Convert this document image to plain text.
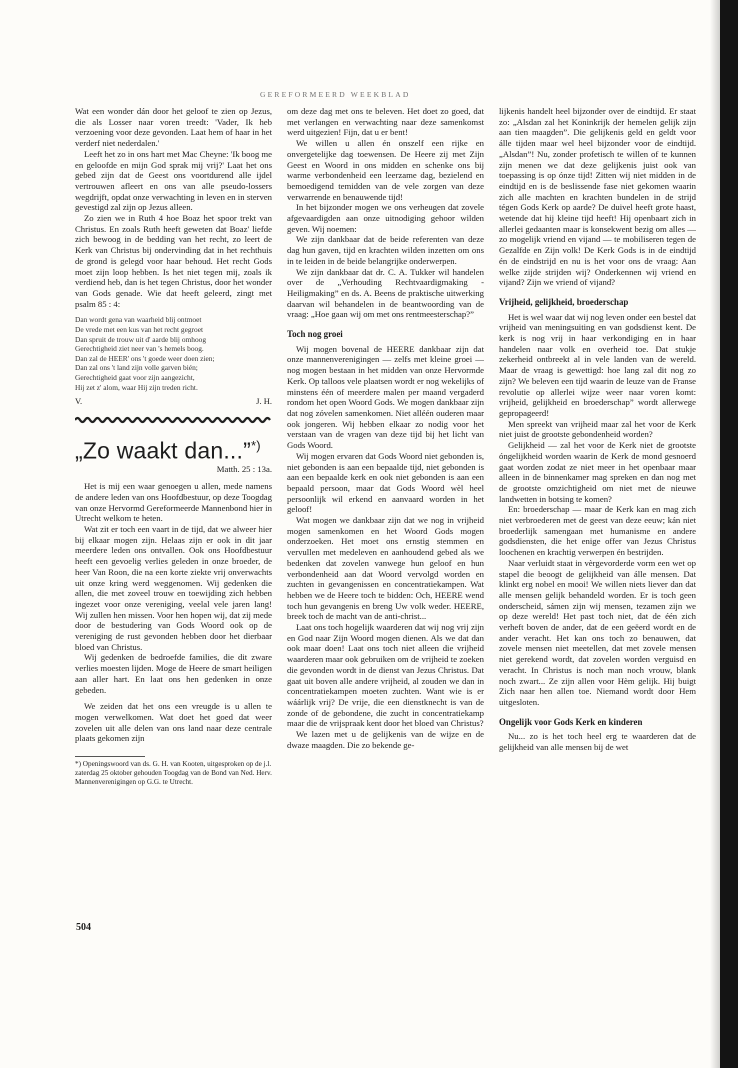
GEREFORMEERD WEEKBLAD

Wat een wonder dán door het geloof te zien op Jezus, die als Losser naar voren treedt: 'Vader, Ik heb verzoening voor deze gevonden. Laat hem of haar in het verderf niet nederdalen.'

Leeft het zo in ons hart met Mac Cheyne: 'Ik boog me en geloofde en mijn God sprak mij vrij?' Laat het ons gebed zijn dat de Geest ons voortdurend alle ijdel vertrouwen afleert en ons van alle pseudo-lossers wegdrijft, opdat onze verwachting in leven en in sterven gevestigd zal zijn op Jezus alleen.

Zo zien we in Ruth 4 hoe Boaz het spoor trekt van Christus. En zoals Ruth heeft geweten dat Boaz' liefde zich bewoog in de bedding van het recht, zo leert de Kerk van Christus bij ondervinding dat in het rechthuis de grond is gelegd voor haar behoud. Het recht Gods moet zijn loop hebben. Is het niet tegen mij, zoals ik verdiend heb, dan is het tegen Christus, door het wonder van Gods genade. Wie dat heeft geleerd, zingt met psalm 85 : 4:

Dan wordt gena van waarheid blij ontmoet
De vrede met een kus van het recht gegroet
Dan spruit de trouw uit d' aarde blij omhoog
Gerechtigheid ziet neer van 's hemels boog.
Dan zal de HEER' ons 't goede weer doen zien;
Dan zal ons 't land zijn volle garven bién;
Gerechtigheid gaat voor zijn aangezicht,
Hij zet z' alom, waar Hij zijn treden richt.
V.	J. H.
„Zo waakt dan...”*)
Matth. 25 : 13a.

Het is mij een waar genoegen u allen, mede namens de andere leden van ons Hoofdbestuur, op deze Toogdag van onze Hervormd Gereformeerde Mannenbond hier in Utrecht welkom te heten.

Wat zit er toch een vaart in de tijd, dat we alweer hier bij elkaar mogen zijn. Helaas zijn er ook in dit jaar meerdere leden ons ontvallen. Ook ons Hoofdbestuur heeft een gevoelig verlies geleden in onze broeder, de heer Van Roon, die na een korte ziekte vrij onverwachts uit onze kring werd weggenomen. Wij gedenken die allen, die met zoveel trouw en toewijding zich hebben ingezet voor onze vereniging, veelal vele jaren lang! Wij zullen hen missen. Voor hen hopen wij, dat zij mede door de bestudering van Gods Woord ook op de vereniging de rust gevonden hebben door het dierbaar bloed van Christus.

Wij gedenken de bedroefde families, die dit zware verlies moesten lijden. Moge de Heere de smart heiligen aan aller hart. En laat ons hen gedenken in onze gebeden.

We zeiden dat het ons een vreugde is u allen te mogen verwelkomen. Wat doet het goed dat weer zovelen uit alle delen van ons land naar deze centrale plaats gekomen zijn

*) Openingswoord van ds. G. H. van Kooten, uitgesproken op de j.l. zaterdag 25 oktober gehouden Toogdag van de Bond van Ned. Herv. Mannenverenigingen op G.G. te Utrecht.

om deze dag met ons te beleven. Het doet zo goed, dat met verlangen en verwachting naar deze samenkomst werd uitgezien! Fijn, dat u er bent!

We willen u allen én onszelf een rijke en onvergetelijke dag toewensen. De Heere zij met Zijn Geest en Woord in ons midden en schenke ons bij warme verbondenheid een leerzame dag, bezielend en bemoedigend temidden van de vele zorgen van deze verwarrende en benauwende tijd!

In het bijzonder mogen we ons verheugen dat zovele afgevaardigden aan onze uitnodiging gehoor wilden geven. Wij noemen:

We zijn dankbaar dat de beide referenten van deze dag hun gaven, tijd en krachten wilden inzetten om ons in te leiden in de beide belangrijke onderwerpen.

We zijn dankbaar dat dr. C. A. Tukker wil handelen over de „Verhouding Rechtvaardigmaking - Heiligmaking” en ds. A. Beens de praktische uitwerking daarvan wil behandelen in de beantwoording van de vraag: „Hoe gaan wij om met ons rentmeesterschap?”

Toch nog groei

Wij mogen bovenal de HEERE dankbaar zijn dat onze mannenverenigingen — zelfs met kleine groei — nog mogen bestaan in het midden van onze Hervormde Kerk. Op talloos vele plaatsen wordt er nog wekelijks of minstens één of meerdere malen per maand vergaderd rondom het open Woord Gods. We mogen dankbaar zijn dat nog zóvelen samenkomen. Niet alléén ouderen maar ook jongeren. Wij hebben elkaar zo nodig voor het verstaan van de vragen van deze tijd bij het licht van Gods Woord.

Wij mogen ervaren dat Gods Woord niet gebonden is, niet gebonden is aan een bepaalde tijd, niet gebonden is aan een bepaalde kerk en ook niet gebonden is aan een bepaald persoon, maar dat Gods Woord wèl heel persoonlijk wil erkend en aanvaard worden in het geloof!

Wat mogen we dankbaar zijn dat we nog in vrijheid mogen samenkomen en het Woord Gods mogen onderzoeken. Het moet ons ernstig stemmen en vervullen met medeleven en aanhoudend gebed als we bedenken dat zovelen vanwege hun geloof en hun verbondenheid aan dat Woord vervolgd worden en zuchten in gevangenissen en concentratiekampen. Wat hebben we de Heere toch te bidden: Och, HEERE wend toch hun gevangenis en breng Uw volk weder. HEERE, breek toch de macht van de anti-christ...

Laat ons toch hogelijk waarderen dat wij nog vrij zijn en God naar Zijn Woord mogen dienen. Als we dat dan ook maar doen! Laat ons toch niet alleen die vrijheid waarderen maar ook gebruiken om de vrijheid te zoeken die gevonden wordt in de dienst van Jezus Christus. Dat gaat uit boven alle andere vrijheid, al zouden we dan in concentratiekampen moeten zuchten. Want wie is er wáárlijk vrij? De vrije, die een dienstknecht is van de zonde of de gebondene, die zucht in concentratiekamp maar die de vrijspraak kent door het bloed van Christus?

We lazen met u de gelijkenis van de wijze en de dwaze maagden. Die zo bekende ge-

lijkenis handelt heel bijzonder over de eindtijd. Er staat zo: „Alsdan zal het Koninkrijk der hemelen gelijk zijn aan tien maagden”. Die gelijkenis geld en geldt voor álle tijden maar wel heel bijzonder voor de eindtijd. „Alsdan”! Nu, zonder profetisch te willen of te kunnen zijn menen we dat deze gelijkenis juist ook van toepassing is op ónze tijd! Zitten wij niet midden in de eindtijd en is de beslissende fase niet gekomen waarin zich alle machten en krachten bundelen in de strijd tégen Gods Kerk op aarde? De duivel heeft grote haast, wetende dat hij kleine tijd heeft! Hij openbaart zich in allerlei gedaanten maar is konsekwent bezig om alles — zo mogelijk vriend en vijand — te mobiliseren tegen de Gezalfde en Zijn volk! De Kerk Gods is in de eindtijd én de eindstrijd en nu is het voor ons de vraag: Aan welke zijde strijden wij? Onderkennen wij vriend en vijand? Zijn we vriend of vijand?

Vrijheid, gelijkheid, broederschap

Het is wel waar dat wij nog leven onder een bestel dat vrijheid van meningsuiting en van godsdienst kent. De kerk is nog vrij in haar verkondiging en in haar handelen naar volk en overheid toe. Dat stukje zekerheid ontbreekt al in vele landen van de wereld. Maar de vraag is gewettigd: hoe lang zal dit nog zo zijn? We beleven een tijd waarin de leuze van de Franse revolutie op allerlei wijze weer naar voren komt: vrijheid, gelijkheid en broederschap” wordt allerwege gepropageerd!

Men spreekt van vrijheid maar zal het voor de Kerk niet juist de grootste gebondenheid worden?

Gelijkheid — zal het voor de Kerk niet de grootste óngelijkheid worden waarin de Kerk de mond gesnoerd gaat worden zodat ze niet meer in het openbaar maar alleen in de binnenkamer mag spreken en dan nog met de grootste omzichtigheid om niet met de nieuwe landwetten in botsing te komen?

En: broederschap — maar de Kerk kan en mag zich niet verbroederen met de geest van deze eeuw; kán niet broederlijk samengaan met humanisme en andere godsdiensten, die het enige offer van Jezus Christus loochenen en krachtig verwerpen én bestrijden.

Naar verluidt staat in vèrgevorderde vorm een wet op stapel die beoogt de gelijkheid van álle mensen. Dat klinkt erg nobel en mooi! We willen niets liever dan dat alle mensen gelijk behandeld worden. Er is toch geen onderscheid, sámen zijn wij mensen, tezamen zijn we op deze wereld! Het past toch niet, dat de één zich verheft boven de ander, dat de een geëerd wordt en de ander veracht. Het kan ons toch zo benauwen, dat zovele mensen niet meetellen, dat met zovele mensen niet gerekend wordt, dat zovelen worden verguisd en veracht. In Christus is noch man noch vrouw, blank noch zwart... Ze zijn allen voor Hèm gelijk. Hij buigt Zich naar hen allen toe. Niemand wordt door Hem uitgesloten.

Ongelijk voor Gods Kerk en kinderen

Nu... zo is het toch heel erg te waarderen dat de gelijkheid van alle mensen bij de wet

504
